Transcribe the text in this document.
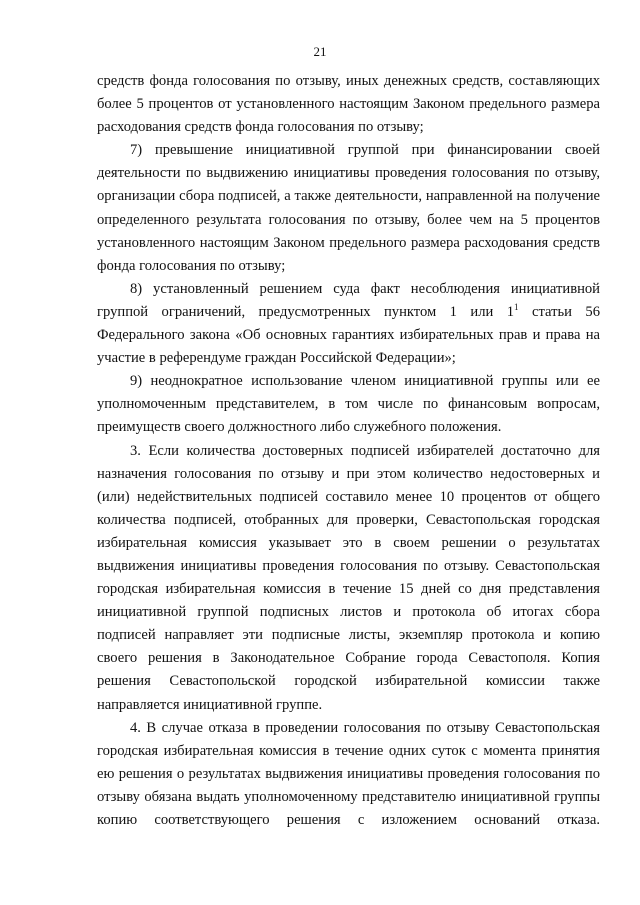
21

средств фонда голосования по отзыву, иных денежных средств, составляющих более 5 процентов от установленного настоящим Законом предельного размера расходования средств фонда голосования по отзыву;

7) превышение инициативной группой при финансировании своей деятельности по выдвижению инициативы проведения голосования по отзыву, организации сбора подписей, а также деятельности, направленной на получение определенного результата голосования по отзыву, более чем на 5 процентов установленного настоящим Законом предельного размера расходования средств фонда голосования по отзыву;

8) установленный решением суда факт несоблюдения инициативной группой ограничений, предусмотренных пунктом 1 или $1^1$ статьи 56 Федерального закона «Об основных гарантиях избирательных прав и права на участие в референдуме граждан Российской Федерации»;

9) неоднократное использование членом инициативной группы или ее уполномоченным представителем, в том числе по финансовым вопросам, преимуществ своего должностного либо служебного положения.

3. Если количества достоверных подписей избирателей достаточно для назначения голосования по отзыву и при этом количество недостоверных и (или) недействительных подписей составило менее 10 процентов от общего количества подписей, отобранных для проверки, Севастопольская городская избирательная комиссия указывает это в своем решении о результатах выдвижения инициативы проведения голосования по отзыву. Севастопольская городская избирательная комиссия в течение 15 дней со дня представления инициативной группой подписных листов и протокола об итогах сбора подписей направляет эти подписные листы, экземпляр протокола и копию своего решения в Законодательное Собрание города Севастополя. Копия решения Севастопольской городской избирательной комиссии также направляется инициативной группе.

4. В случае отказа в проведении голосования по отзыву Севастопольская городская избирательная комиссия в течение одних суток с момента принятия ею решения о результатах выдвижения инициативы проведения голосования по отзыву обязана выдать уполномоченному представителю инициативной группы копию соответствующего решения с изложением оснований отказа.
